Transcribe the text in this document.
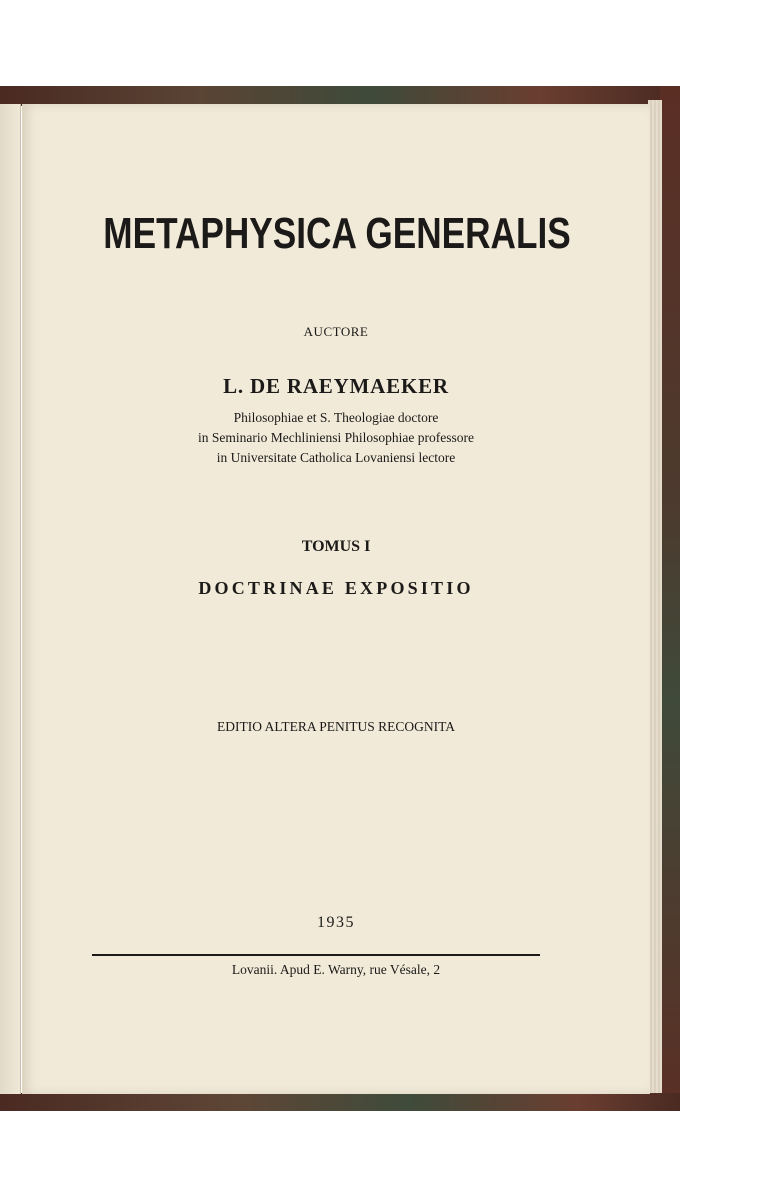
METAPHYSICA GENERALIS

AUCTORE

L. DE RAEYMAEKER

Philosophiae et S. Theologiae doctore

in Seminario Mechliniensi Philosophiae professore

in Universitate Catholica Lovaniensi lectore

TOMUS I

DOCTRINAE EXPOSITIO

EDITIO ALTERA PENITUS RECOGNITA

1935

Lovanii. Apud E. Warny, rue Vésale, 2
